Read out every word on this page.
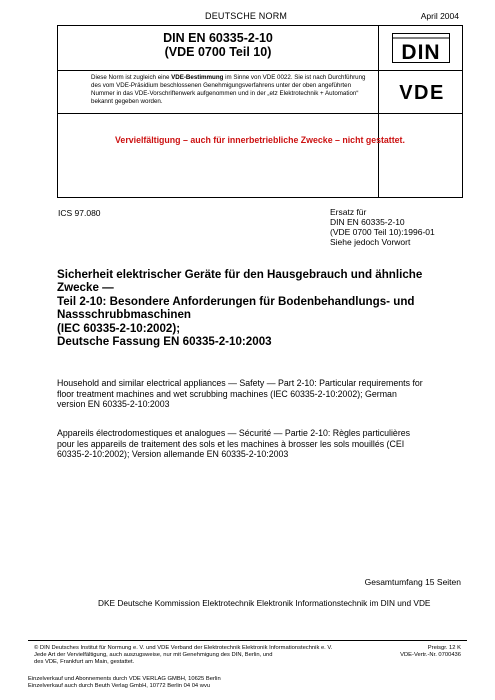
DEUTSCHE NORM	April 2004
DIN EN 60335-2-10
(VDE 0700 Teil 10)	DIN
Diese Norm ist zugleich eine VDE-Bestimmung im Sinne von VDE 0022. Sie ist nach Durchführung des vom VDE-Präsidium beschlossenen Genehmigungsverfahrens unter der oben angeführten Nummer in das VDE-Vorschriftenwerk aufgenommen und in der „etz Elektrotechnik + Automation“ bekannt gegeben worden.	VDE
Vervielfältigung – auch für innerbetriebliche Zwecke – nicht gestattet.
ICS 97.080	Ersatz für
DIN EN 60335-2-10
(VDE 0700 Teil 10):1996-01
Siehe jedoch Vorwort
Sicherheit elektrischer Geräte für den Hausgebrauch und ähnliche
Zwecke —
Teil 2-10: Besondere Anforderungen für Bodenbehandlungs- und
Nassschrubbmaschinen
(IEC 60335-2-10:2002);
Deutsche Fassung EN 60335-2-10:2003
Household and similar electrical appliances — Safety — Part 2-10: Particular requirements for
floor treatment machines and wet scrubbing machines (IEC 60335-2-10:2002); German
version EN 60335-2-10:2003
Appareils électrodomestiques et analogues — Sécurité — Partie 2-10: Règles particulières
pour les appareils de traitement des sols et les machines à brosser les sols mouillés (CEI
60335-2-10:2002); Version allemande EN 60335-2-10:2003
Gesamtumfang 15 Seiten
DKE Deutsche Kommission Elektrotechnik Elektronik Informationstechnik im DIN und VDE
© DIN Deutsches Institut für Normung e. V. und VDE Verband der Elektrotechnik Elektronik Informationstechnik e. V.
Jede Art der Vervielfältigung, auch auszugsweise, nur mit Genehmigung des DIN, Berlin, und
des VDE, Frankfurt am Main, gestattet.
Preisgr. 12 K
VDE-Vertr.-Nr. 0700436
Einzelverkauf und Abonnements durch VDE VERLAG GMBH, 10625 Berlin
Einzelverkauf auch durch Beuth Verlag GmbH, 10772 Berlin 04 04 wvu
